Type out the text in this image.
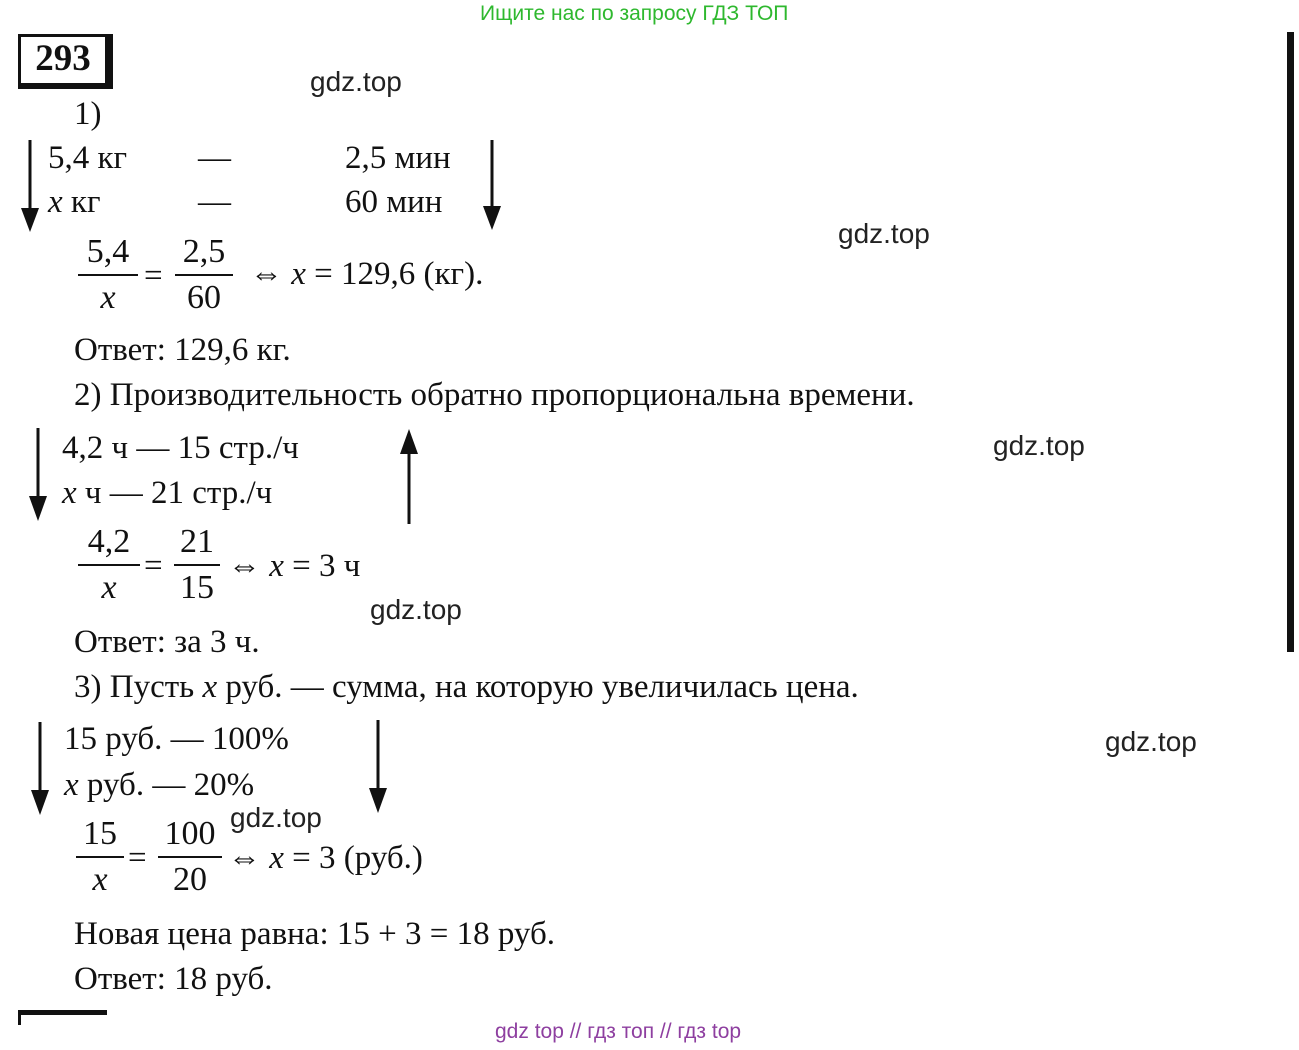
Ищите нас по запросу ГДЗ ТОП
293
gdz.top
gdz.top
gdz.top
gdz.top
gdz.top
gdz.top
1)
5,4 кг —	2,5 мин
x кг	—	60 мин
5,4
x
=
2,5
60
⇔ x = 129,6 (кг).
Ответ: 129,6 кг.
2) Производительность обратно пропорциональна времени.
4,2 ч — 15 стр./ч
x ч — 21 стр./ч
4,2
x
=
21
15
⇔ x = 3 ч
Ответ: за 3 ч.
3) Пусть x руб. — сумма, на которую увеличилась цена.
15 руб. — 100%
x руб. — 20%
15
x
=
100
20
⇔ x = 3 (руб.)
Новая цена равна: 15 + 3 = 18 руб.
Ответ: 18 руб.
gdz top // гдз топ // гдз top
